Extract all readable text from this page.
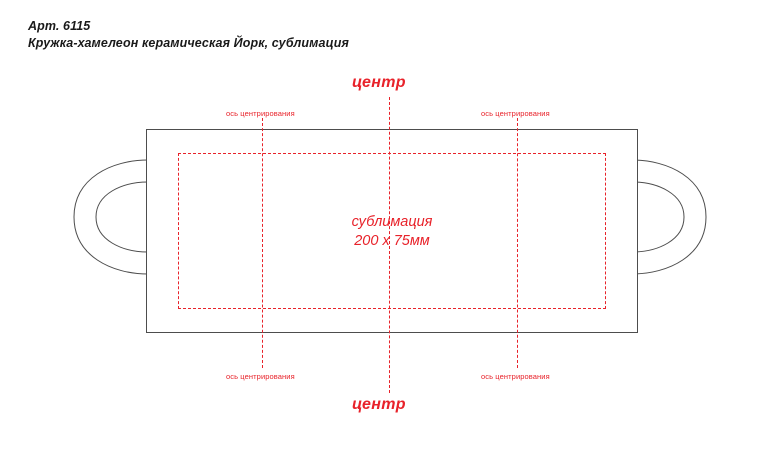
Арт. 6115
Кружка-хамелеон керамическая Йорк, сублимация
сублимация
200 х 75мм
центр
центр
ось центрирования	ось центрирования
ось центрирования	ось центрирования
